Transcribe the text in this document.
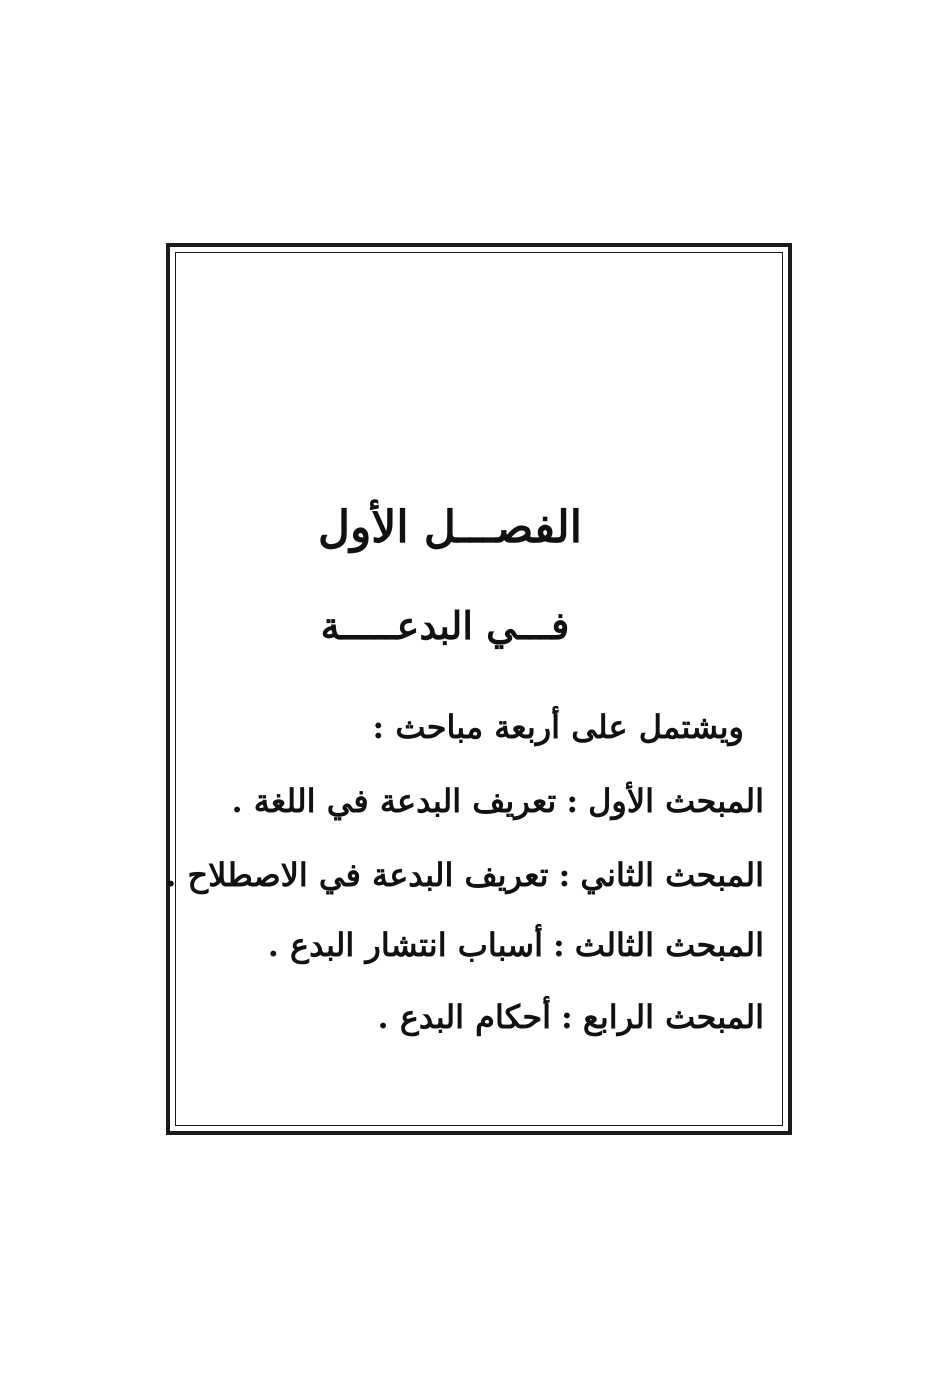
الفصـــل الأول
فـــي البدعـــــة
ويشتمل على أربعة مباحث :
المبحث الأول:تعريف البدعة في اللغة .
المبحث الثاني:تعريف البدعة في الاصطلاح .
المبحث الثالث:أسباب انتشار البدع .
المبحث الرابع:أحكام البدع .
